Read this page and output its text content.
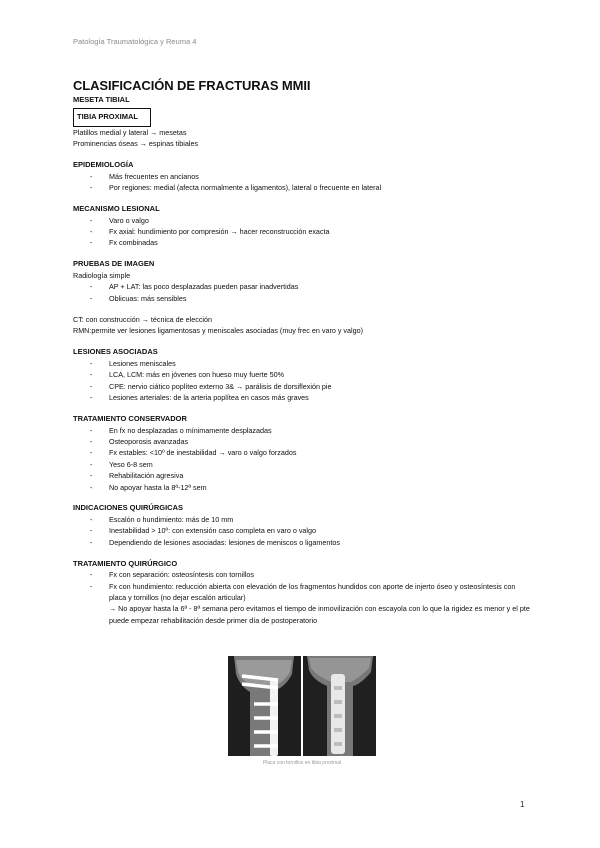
Patología Traumatológica y Reuma 4
CLASIFICACIÓN DE FRACTURAS MMII
MESETA TIBIAL
TIBIA PROXIMAL
Platillos medial y lateral → mesetas
Prominencias óseas → espinas tibiales
EPIDEMIOLOGÍA
- Más frecuentes en ancianos
- Por regiones: medial (afecta normalmente a ligamentos), lateral o frecuente en lateral
MECANISMO LESIONAL
- Varo o valgo
- Fx axial: hundimiento por compresión → hacer reconstrucción exacta
- Fx combinadas
PRUEBAS DE IMAGEN
Radiología simple
- AP + LAT: las poco desplazadas pueden pasar inadvertidas
- Oblicuas: más sensibles
CT: con construcción → técnica de elección
RMN:permite ver lesiones ligamentosas y meniscales asociadas (muy frec en varo y valgo)
LESIONES ASOCIADAS
- Lesiones meniscales
- LCA, LCM: más en jóvenes con hueso muy fuerte 50%
- CPE: nervio ciático poplíteo externo 3& → parálisis de dorsiflexión pie
- Lesiones arteriales: de la arteria poplítea en casos más graves
TRATAMIENTO CONSERVADOR
- En fx no desplazadas o mínimamente desplazadas
- Osteoporosis avanzadas
- Fx estables: <10º de inestabilidad → varo o valgo forzados
- Yeso 6-8 sem
- Rehabilitación agresiva
- No apoyar hasta la 8ª-12ª sem
INDICACIONES QUIRÚRGICAS
- Escalón o hundimiento: más de 10 mm
- Inestabilidad > 10º: con extensión caso completa en varo o valgo
- Dependiendo de lesiones asociadas: lesiones de meniscos o ligamentos
TRATAMIENTO QUIRÚRGICO
- Fx con separación: osteosíntesis con tornillos
- Fx con hundimiento: reducción abierta con elevación de los fragmentos hundidos con aporte de injerto óseo y osteosíntesis con placa y tornillos (no dejar escalón articular)
→ No apoyar hasta la 6ª - 8ª semana pero evitamos el tiempo de inmovilización con escayola con lo que la rigidez es menor y el pte puede empezar rehabilitación desde primer día de postoperatorio
Placa con tornillos en tibia proximal
1
